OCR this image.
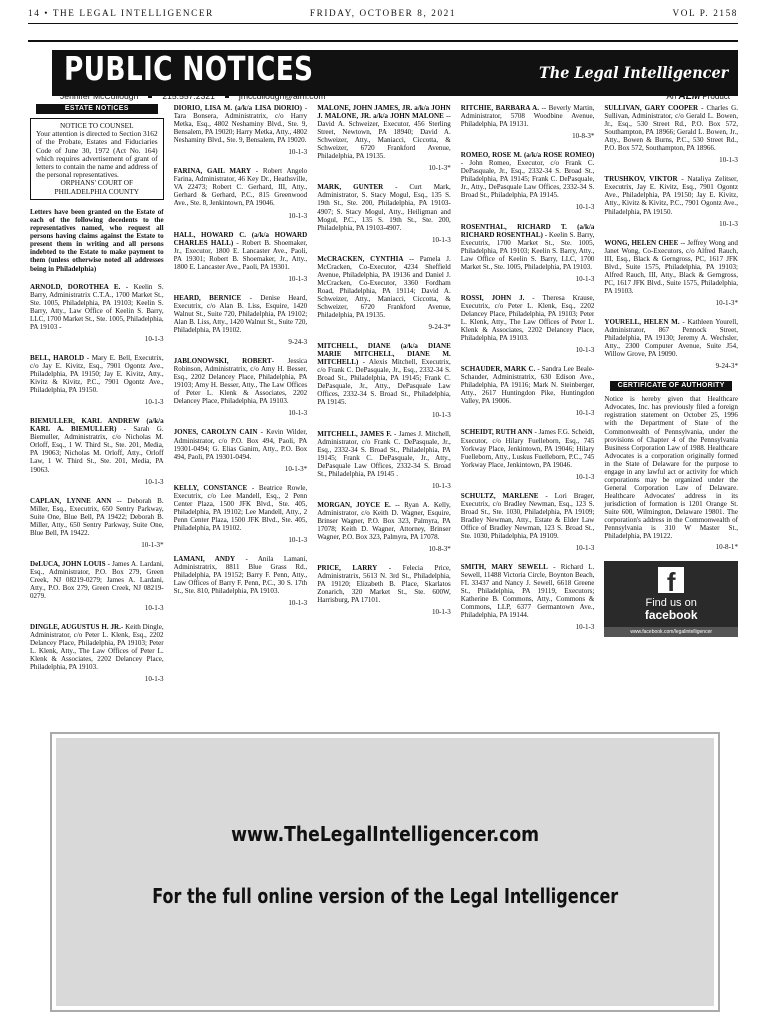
14 • THE LEGAL INTELLIGENCER	FRIDAY, OCTOBER 8, 2021	VOL P. 2158
PUBLIC NOTICES	The Legal Intelligencer
Jennifer McCullough	215.557.2321	jmccullough@alm.com	An ALM Product
ESTATE NOTICES
NOTICE TO COUNSEL
Your attention is directed to Section 3162 of the Probate, Estates and Fiduciaries Code of June 30, 1972 (Act No. 164) which requires advertisement of grant of letters to contain the name and address of the personal representatives.
ORPHANS' COURT OF PHILADELPHIA COUNTY
Letters have been granted on the Estate of each of the following decedents to the representatives named, who request all persons having claims against the Estate to present them in writing and all persons indebted to the Estate to make payment to them (unless otherwise noted all addresses being in Philadelphia)
ARNOLD, DOROTHEA E. - Keelin S. Barry, Administratrix C.T.A., 1700 Market St., Ste. 1005, Philadelphia, PA 19103; Keelin S. Barry, Atty., Law Office of Keelin S. Barry, LLC, 1700 Market St., Ste. 1005, Philadelphia, PA 19103 -
10-1-3
BELL, HAROLD - Mary E. Bell, Executrix, c/o Jay E. Kivitz, Esq., 7901 Ogontz Ave., Philadelphia, PA 19150; Jay E. Kivitz, Atty., Kivitz & Kivitz, P.C., 7901 Ogontz Ave., Philadelphia, PA 19150.
10-1-3
BIEMULLER, KARL ANDREW (a/k/a KARL A. BIEMULLER) - Sarah G. Biemuller, Administratrix, c/o Nicholas M. Orloff, Esq., 1 W. Third St., Ste. 201, Media, PA 19063; Nicholas M. Orloff, Atty., Orloff Law, 1 W. Third St., Ste. 201, Media, PA 19063.
10-1-3
CAPLAN, LYNNE ANN -- Deborah B. Miller, Esq., Executrix, 650 Sentry Parkway, Suite One, Blue Bell, PA 19422; Deborah B. Miller, Atty., 650 Sentry Parkway, Suite One, Blue Bell, PA 19422.
10-1-3*
DeLUCA, JOHN LOUIS - James A. Lardani, Esq., Administrator, P.O. Box 279, Green Creek, NJ 08219-0279; James A. Lardani, Atty., P.O. Box 279, Green Creek, NJ 08219-0279.
10-1-3
DINGLE, AUGUSTUS H. JR.- Keith Dingle, Administrator, c/o Peter L. Klenk, Esq., 2202 Delancey Place, Philadelphia, PA 19103; Peter L. Klenk, Atty., The Law Offices of Peter L. Klenk & Associates, 2202 Delancey Place, Philadelphia, PA 19103.
10-1-3
DIORIO, LISA M. (a/k/a LISA DiORIO) - Tara Bonsera, Administratrix, c/o Harry Metka, Esq., 4802 Neshaminy Blvd., Ste. 9, Bensalem, PA 19020; Harry Metka, Atty., 4802 Neshaminy Blvd., Ste. 9, Bensalem, PA 19020.
10-1-3
FARINA, GAIL MARY - Robert Angelo Farina, Administrator, 46 Key Dr., Heathsville, VA 22473; Robert C. Gerhard, III, Atty., Gerhard & Gerhard, P.C., 815 Greenwood Ave., Ste. 8, Jenkintown, PA 19046.
10-1-3
HALL, HOWARD C. (a/k/a HOWARD CHARLES HALL) - Robert B. Shoemaker, Jr., Executor, 1800 E. Lancaster Ave., Paoli, PA 19301; Robert B. Shoemaker, Jr., Atty., 1800 E. Lancaster Ave., Paoli, PA 19301.
10-1-3
HEARD, BERNICE - Denise Heard, Executrix, c/o Alan B. Liss, Esquire, 1420 Walnut St., Suite 720, Philadelphia, PA 19102; Alan B. Liss, Atty., 1420 Walnut St., Suite 720, Philadelphia, PA 19102.
9-24-3
JABLONOWSKI, ROBERT- Jessica Robinson, Administratrix, c/o Amy H. Besser, Esq., 2202 Delancey Place, Philadelphia, PA 19103; Amy H. Besser, Atty., The Law Offices of Peter L. Klenk & Associates, 2202 Delancey Place, Philadelphia, PA 19103.
10-1-3
JONES, CAROLYN CAIN - Kevin Wilder, Administrator, c/o P.O. Box 494, Paoli, PA 19301-0494; G. Elias Ganim, Atty., P.O. Box 494, Paoli, PA 19301-0494.
10-1-3*
KELLY, CONSTANCE - Beatrice Rowle, Executrix, c/o Lee Mandell, Esq., 2 Penn Center Plaza, 1500 JFK Blvd., Ste. 405, Philadelphia, PA 19102; Lee Mandell, Atty., 2 Penn Center Plaza, 1500 JFK Blvd., Ste. 405, Philadelphia, PA 19102.
10-1-3
LAMANI, ANDY - Anila Lamani, Administratrix, 8811 Blue Grass Rd., Philadelphia, PA 19152; Barry F. Penn, Atty., Law Offices of Barry F. Penn, P.C., 30 S. 17th St., Ste. 810, Philadelphia, PA 19103.
10-1-3
MALONE, JOHN JAMES, JR. a/k/a JOHN J. MALONE, JR. a/k/a JOHN MALONE -- David A. Schweizer, Executor, 456 Sterling Street, Newtown, PA 18940; David A. Schweizer, Atty., Maniacci, Ciccotta, & Schweizer, 6720 Frankford Avenue, Philadelphia, PA 19135.
10-1-3*
MARK, GUNTER - Curt Mark, Administrator, S. Stacy Mogul, Esq., 135 S. 19th St., Ste. 200, Philadelphia, PA 19103-4907; S. Stacy Mogul, Atty., Heiligman and Mogul, P.C., 135 S. 19th St., Ste. 200, Philadelphia, PA 19103-4907.
10-1-3
McCRACKEN, CYNTHIA -- Pamela J. McCracken, Co-Executor, 4234 Sheffield Avenue, Philadelphia, PA 19136 and Daniel J. McCracken, Co-Executor, 3360 Fordham Road, Philadelphia, PA 19114; David A. Schweizer, Atty., Maniacci, Ciccotta, & Schweizer, 6720 Frankford Avenue, Philadelphia, PA 19135.
9-24-3*
MITCHELL, DIANE (a/k/a DIANE MARIE MITCHELL, DIANE M. MITCHELL) - Alexis Mitchell, Executrix, c/o Frank C. DePasquale, Jr., Esq., 2332-34 S. Broad St., Philadelphia, PA 19145; Frank C. DePasquale, Jr., Atty., DePasquale Law Offices, 2332-34 S. Broad St., Philadelphia, PA 19145.
10-1-3
MITCHELL, JAMES F. - James J. Mitchell, Administrator, c/o Frank C. DePasquale, Jr., Esq., 2332-34 S. Broad St., Philadelphia, PA 19145; Frank C. DePasquale, Jr., Atty., DePasquale Law Offices, 2332-34 S. Broad St., Philadelphia, PA 19145 .
10-1-3
MORGAN, JOYCE E. -- Ryan A. Kelly, Administrator, c/o Keith D. Wagner, Esquire, Brinser Wagner, P.O. Box 323, Palmyra, PA 17078; Keith D. Wagner, Attorney, Brinser Wagner, P.O. Box 323, Palmyra, PA 17078.
10-8-3*
PRICE, LARRY - Felecia Price, Administratrix, 5613 N. 3rd St., Philadelphia, PA 19120; Elizabeth B. Place, Skarlatos Zonarich, 320 Market St., Ste. 600W, Harrisburg, PA 17101.
10-1-3
RITCHIE, BARBARA A. -- Beverly Martin, Administrator, 5708 Woodbine Avenue, Philadelphia, PA 19131.
10-8-3*
ROMEO, ROSE M. (a/k/a ROSE ROMEO) - John Romeo, Executor, c/o Frank C. DePasquale, Jr., Esq., 2332-34 S. Broad St., Philadelphia, PA 19145; Frank C. DePasquale, Jr., Atty., DePasquale Law Offices, 2332-34 S. Broad St., Philadelphia, PA 19145.
10-1-3
ROSENTHAL, RICHARD T. (a/k/a RICHARD ROSENTHAL) - Keelin S. Barry, Executrix, 1700 Market St., Ste. 1005, Philadelphia, PA 19103; Keelin S. Barry, Atty., Law Office of Keelin S. Barry, LLC, 1700 Market St., Ste. 1005, Philadelphia, PA 19103.
10-1-3
ROSSI, JOHN J. - Theresa Krause, Executrix, c/o Peter L. Klenk, Esq., 2202 Delancey Place, Philadelphia, PA 19103; Peter L. Klenk, Atty., The Law Offices of Peter L. Klenk & Associates, 2202 Delancey Place, Philadelphia, PA 19103.
10-1-3
SCHAUDER, MARK C. - Sandra Lee Beale-Schauder, Administratrix, 630 Edison Ave., Philadelphia, PA 19116; Mark N. Steinberger, Atty., 2617 Huntingdon Pike, Huntingdon Valley, PA 19006.
10-1-3
SCHEIDT, RUTH ANN - James F.G. Scheidt, Executor, c/o Hilary Fuelleborn, Esq., 745 Yorkway Place, Jenkintown, PA 19046; Hilary Fuelleborn, Atty., Luskus Fuelleborn, P.C., 745 Yorkway Place, Jenkintown, PA 19046.
10-1-3
SCHULTZ, MARLENE - Lori Brager, Executrix, c/o Bradley Newman, Esq., 123 S. Broad St., Ste. 1030, Philadelphia, PA 19109; Bradley Newman, Atty., Estate & Elder Law Office of Bradley Newman, 123 S. Broad St., Ste. 1030, Philadelphia, PA 19109.
10-1-3
SMITH, MARY SEWELL - Richard L. Sewell, 11488 Victoria Circle, Boynton Beach, FL 33437 and Nancy J. Sewell, 6618 Greene St., Philadelphia, PA 19119, Executors; Katherine B. Commons, Atty., Commons & Commons, LLP, 6377 Germantown Ave., Philadelphia, PA 19144.
10-1-3
SULLIVAN, GARY COOPER - Charles G. Sullivan, Administrator, c/o Gerald L. Bowen, Jr., Esq., 530 Street Rd., P.O. Box 572, Southampton, PA 18966; Gerald L. Bowen, Jr., Atty., Bowen & Burns, P.C., 530 Street Rd., P.O. Box 572, Southampton, PA 18966.
10-1-3
TRUSHKOV, VIKTOR - Nataliya Zelitser, Executrix, Jay E. Kivitz, Esq., 7901 Ogontz Ave., Philadelphia, PA 19150; Jay E. Kivitz, Atty., Kivitz & Kivitz, P.C., 7901 Ogontz Ave., Philadelphia, PA 19150.
10-1-3
WONG, HELEN CHEE -- Jeffrey Wong and Janet Wong, Co-Executors, c/o Alfred Rauch, III, Esq., Black & Gerngross, PC, 1617 JFK Blvd., Suite 1575, Philadelphia, PA 19103; Alfred Rauch, III, Atty., Black & Gerngross, PC, 1617 JFK Blvd., Suite 1575, Philadelphia, PA 19103.
10-1-3*
YOURELL, HELEN M. - Kathleen Yourell, Administrator, 867 Pennock Street, Philadelphia, PA 19130; Jeremy A. Wechsler, Atty., 2300 Computer Avenue, Suite J54, Willow Grove, PA 19090.
9-24-3*
CERTIFICATE OF AUTHORITY
Notice is hereby given that Healthcare Advocates, Inc. has previously filed a foreign registration statement on October 25, 1996 with the Department of State of the Commonwealth of Pennsylvania, under the provisions of Chapter 4 of the Pennsylvania Business Corporation Law of 1988. Healthcare Advocates is a corporation originally formed in the State of Delaware for the purpose to engage in any lawful act or activity for which corporations may be organized under the General Corporation Law of Delaware. Healthcare Advocates' address in its jurisdiction of formation is 1201 Orange St. Suite 600, Wilmington, Delaware 19801. The corporation's address in the Commonwealth of Pennsylvania is 310 W Master St., Philadelphia, PA 19122.
10-8-1*
f
Find us on
facebook
www.facebook.com/legalintelligencer
www.TheLegalIntelligencer.com
For the full online version of the Legal Intelligencer
